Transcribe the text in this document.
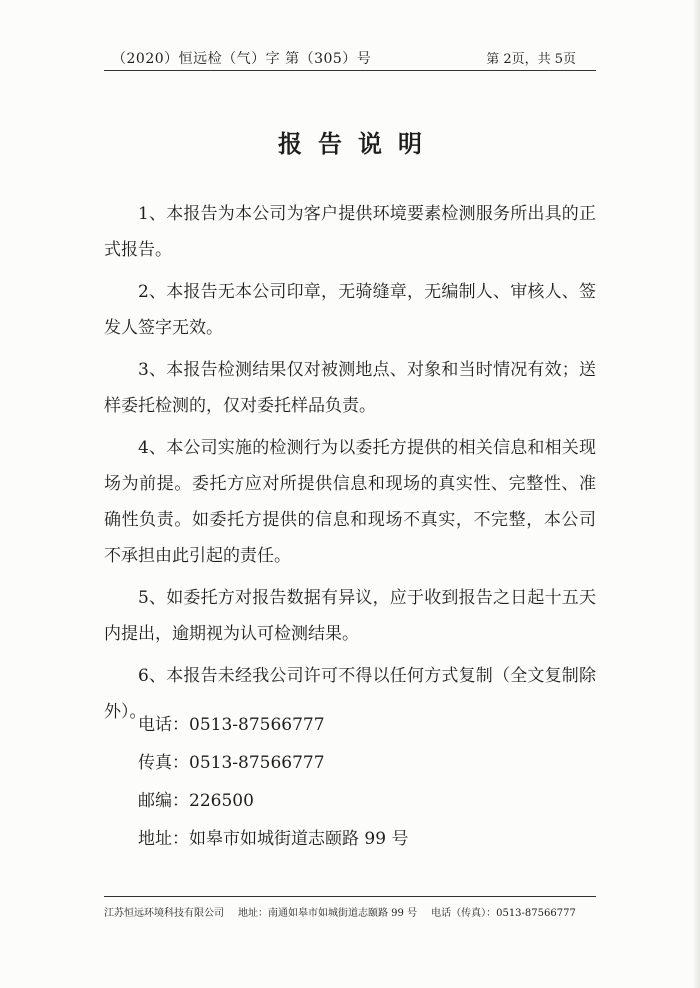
（2020）恒远检（气）字 第（305）号	第 2页，共 5页
报告说明

1、本报告为本公司为客户提供环境要素检测服务所出具的正式报告。

2、本报告无本公司印章，无骑缝章，无编制人、审核人、签发人签字无效。

3、本报告检测结果仅对被测地点、对象和当时情况有效；送样委托检测的，仅对委托样品负责。

4、本公司实施的检测行为以委托方提供的相关信息和相关现场为前提。委托方应对所提供信息和现场的真实性、完整性、准确性负责。如委托方提供的信息和现场不真实，不完整，本公司不承担由此引起的责任。

5、如委托方对报告数据有异议，应于收到报告之日起十五天内提出，逾期视为认可检测结果。

6、本报告未经我公司许可不得以任何方式复制（全文复制除外）。

电话：0513-87566777
传真：0513-87566777
邮编：226500
地址：如皋市如城街道志颐路 99 号
江苏恒远环境科技有限公司 地址：南通如皋市如城街道志颐路 99 号 电话（传真）：0513-87566777
